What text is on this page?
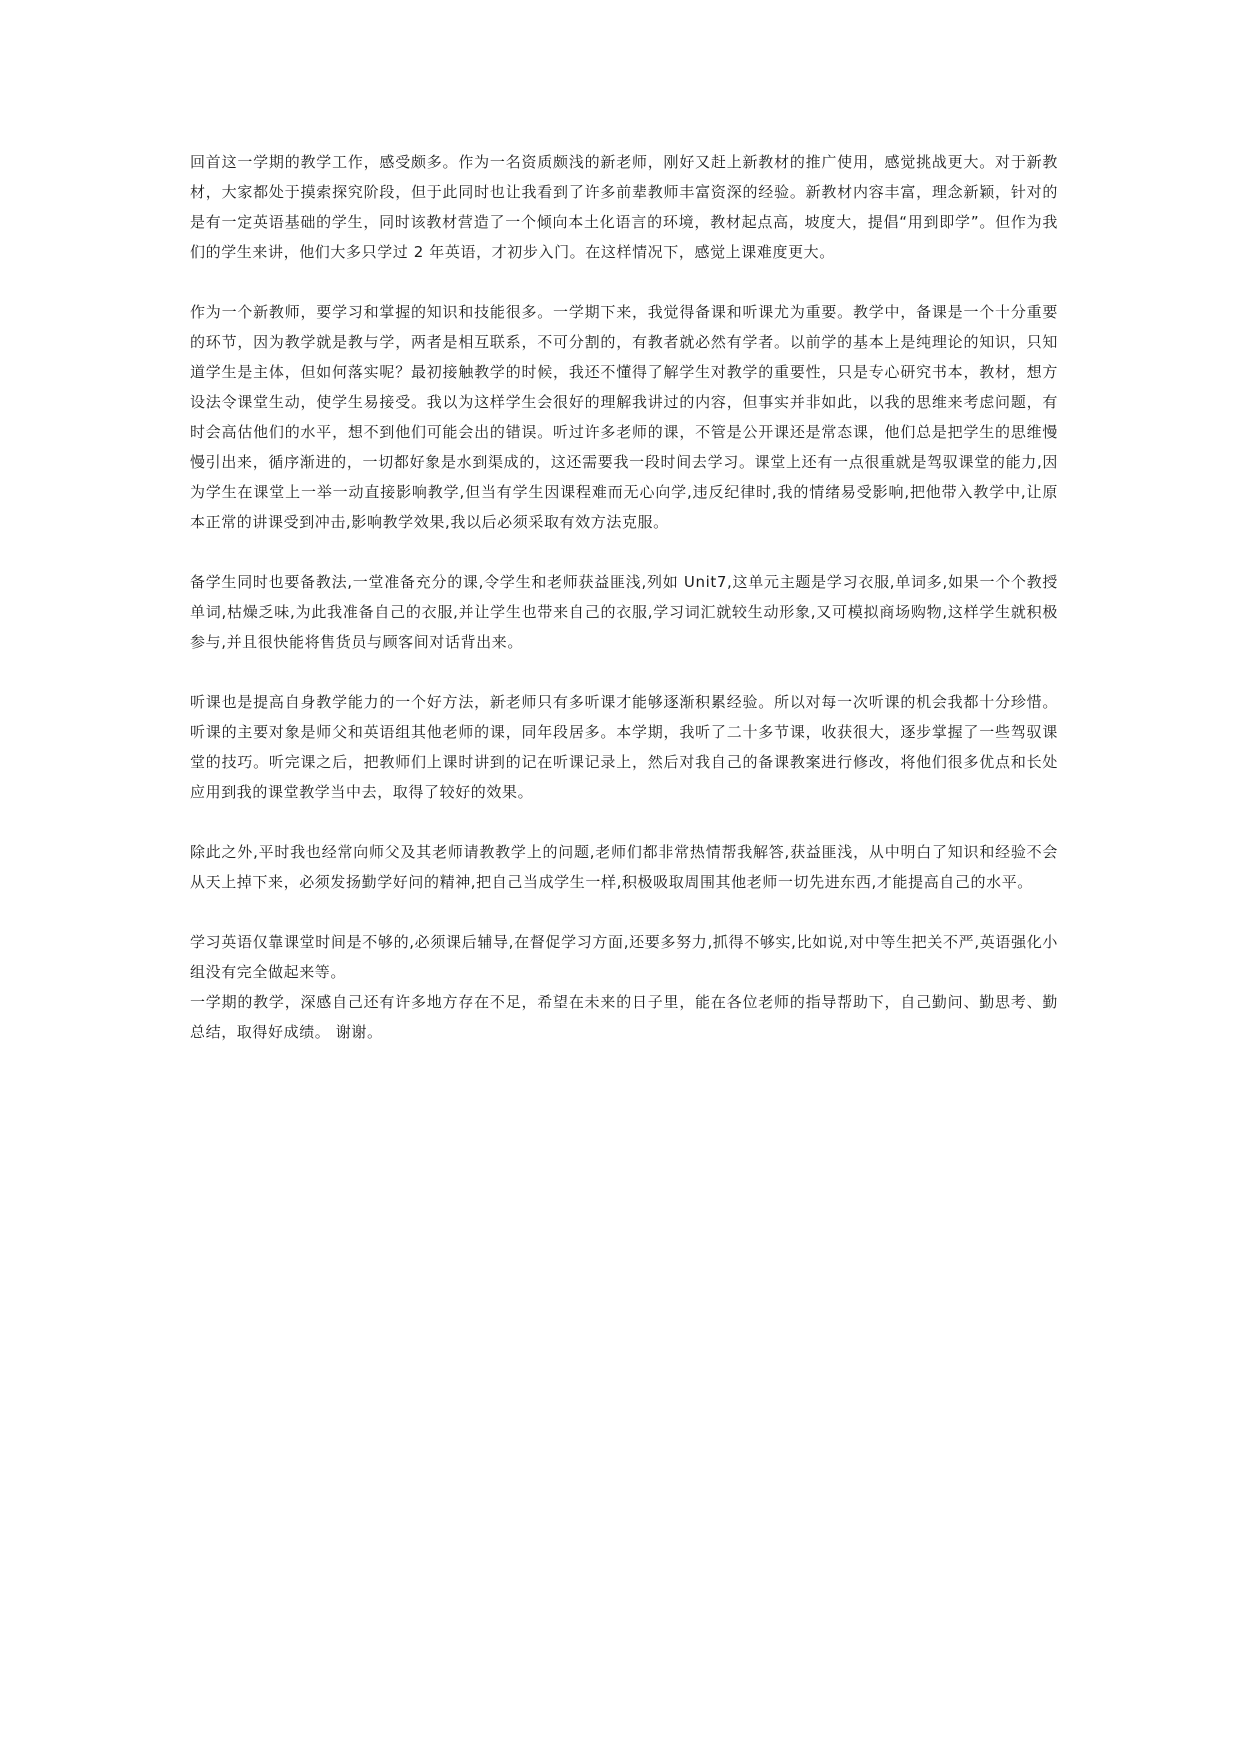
回首这一学期的教学工作，感受颇多。作为一名资质颇浅的新老师，刚好又赶上新教材的推广使用，感觉挑战更大。对于新教材，大家都处于摸索探究阶段，但于此同时也让我看到了许多前辈教师丰富资深的经验。新教材内容丰富，理念新颖，针对的是有一定英语基础的学生，同时该教材营造了一个倾向本土化语言的环境，教材起点高，坡度大，提倡“用到即学”。但作为我们的学生来讲，他们大多只学过 2 年英语，才初步入门。在这样情况下，感觉上课难度更大。

作为一个新教师，要学习和掌握的知识和技能很多。一学期下来，我觉得备课和听课尤为重要。教学中，备课是一个十分重要的环节，因为教学就是教与学，两者是相互联系，不可分割的，有教者就必然有学者。以前学的基本上是纯理论的知识，只知道学生是主体，但如何落实呢？最初接触教学的时候，我还不懂得了解学生对教学的重要性，只是专心研究书本，教材，想方设法令课堂生动，使学生易接受。我以为这样学生会很好的理解我讲过的内容，但事实并非如此，以我的思维来考虑问题，有时会高估他们的水平，想不到他们可能会出的错误。听过许多老师的课，不管是公开课还是常态课，他们总是把学生的思维慢慢引出来，循序渐进的，一切都好象是水到渠成的，这还需要我一段时间去学习。课堂上还有一点很重就是驾驭课堂的能力,因为学生在课堂上一举一动直接影响教学,但当有学生因课程难而无心向学,违反纪律时,我的情绪易受影响,把他带入教学中,让原本正常的讲课受到冲击,影响教学效果,我以后必须采取有效方法克服。

备学生同时也要备教法,一堂准备充分的课,令学生和老师获益匪浅,列如 Unit7,这单元主题是学习衣服,单词多,如果一个个教授单词,枯燥乏味,为此我准备自己的衣服,并让学生也带来自己的衣服,学习词汇就较生动形象,又可模拟商场购物,这样学生就积极参与,并且很快能将售货员与顾客间对话背出来。

听课也是提高自身教学能力的一个好方法，新老师只有多听课才能够逐渐积累经验。所以对每一次听课的机会我都十分珍惜。听课的主要对象是师父和英语组其他老师的课，同年段居多。本学期，我听了二十多节课，收获很大，逐步掌握了一些驾驭课堂的技巧。听完课之后，把教师们上课时讲到的记在听课记录上，然后对我自己的备课教案进行修改，将他们很多优点和长处应用到我的课堂教学当中去，取得了较好的效果。

除此之外,平时我也经常向师父及其老师请教教学上的问题,老师们都非常热情帮我解答,获益匪浅，从中明白了知识和经验不会从天上掉下来，必须发扬勤学好问的精神,把自己当成学生一样,积极吸取周围其他老师一切先进东西,才能提高自己的水平。

学习英语仅靠课堂时间是不够的,必须课后辅导,在督促学习方面,还要多努力,抓得不够实,比如说,对中等生把关不严,英语强化小组没有完全做起来等。

一学期的教学，深感自己还有许多地方存在不足，希望在未来的日子里，能在各位老师的指导帮助下，自己勤问、勤思考、勤总结，取得好成绩。 谢谢。
